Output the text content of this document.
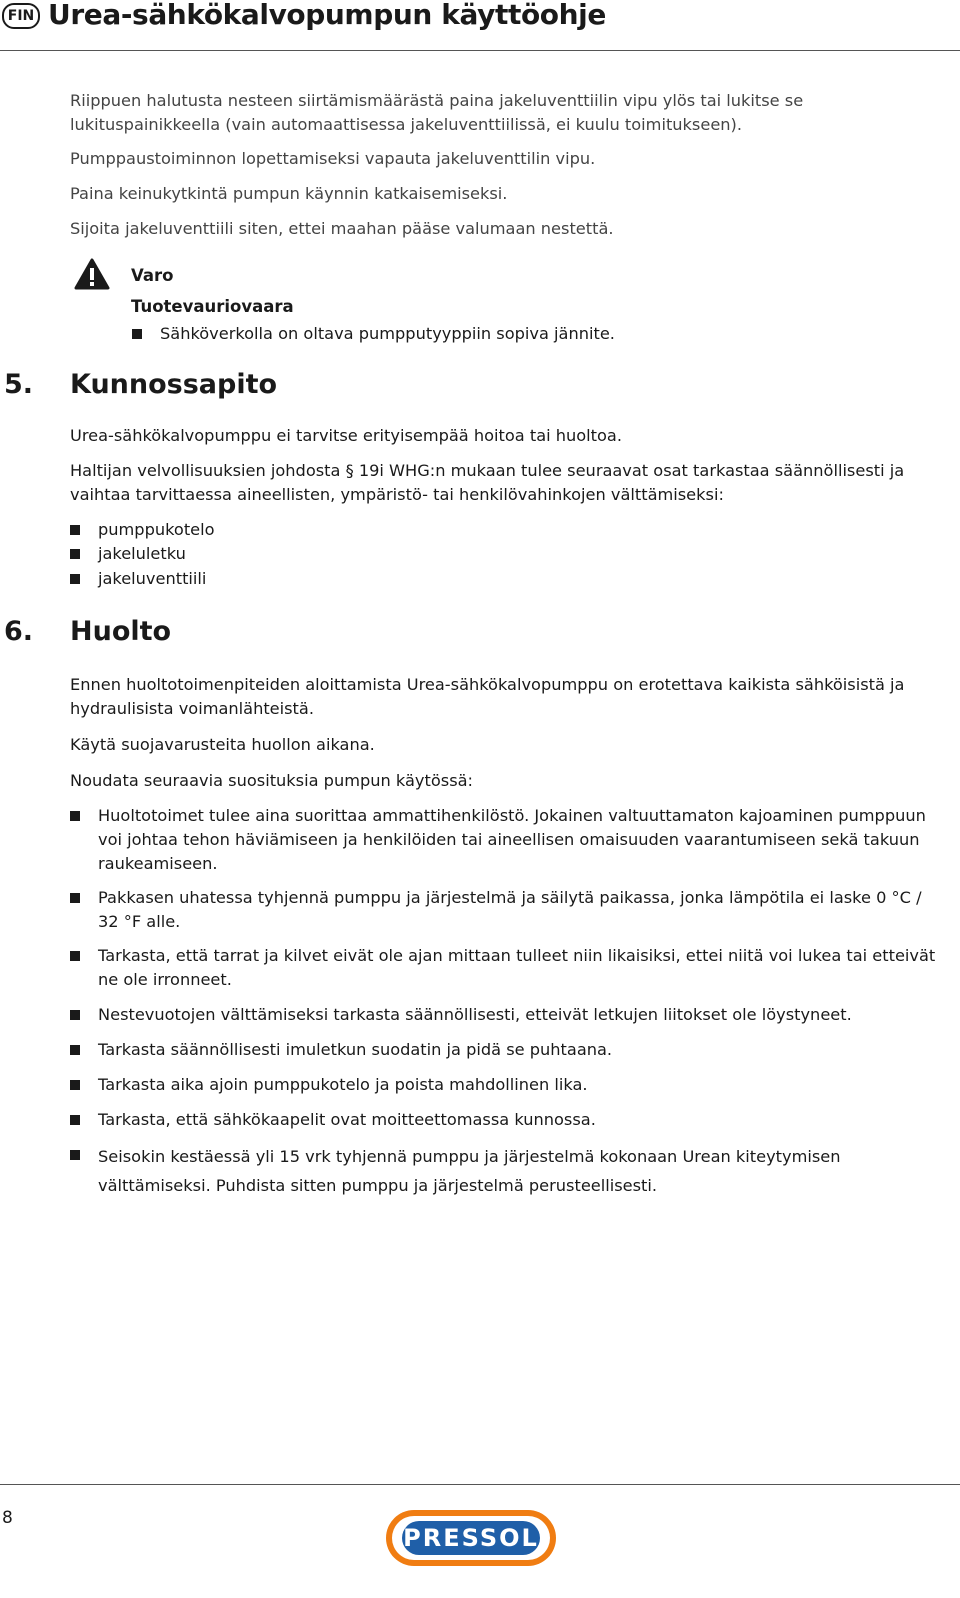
FIN Urea-sähkökalvopumpun käyttöohje

Riippuen halutusta nesteen siirtämismäärästä paina jakeluventtiilin vipu ylös tai lukitse se lukituspainikkeella (vain automaattisessa jakeluventtiilissä, ei kuulu toimitukseen).

Pumppaustoiminnon lopettamiseksi vapauta jakeluventtilin vipu.

Paina keinukytkintä pumpun käynnin katkaisemiseksi.

Sijoita jakeluventtiili siten, ettei maahan pääse valumaan nestettä.

Varo
Tuotevauriovaara

Sähköverkolla on oltava pumpputyyppiin sopiva jännite.

5. Kunnossapito

Urea-sähkökalvopumppu ei tarvitse erityisempää hoitoa tai huoltoa.

Haltijan velvollisuuksien johdosta § 19i WHG:n mukaan tulee seuraavat osat tarkastaa säännöllisesti ja vaihtaa tarvittaessa aineellisten, ympäristö- tai henkilövahinkojen välttämiseksi:

pumppukotelo

jakeluletku

jakeluventtiili

6. Huolto

Ennen huoltotoimenpiteiden aloittamista Urea-sähkökalvopumppu on erotettava kaikista sähköisistä ja hydraulisista voimanlähteistä.

Käytä suojavarusteita huollon aikana.

Noudata seuraavia suosituksia pumpun käytössä:

Huoltotoimet tulee aina suorittaa ammattihenkilöstö. Jokainen valtuuttamaton kajoaminen pumppuun voi johtaa tehon häviämiseen ja henkilöiden tai aineellisen omaisuuden vaarantumiseen sekä takuun raukeamiseen.

Pakkasen uhatessa tyhjennä pumppu ja järjestelmä ja säilytä paikassa, jonka lämpötila ei laske 0 °C / 32 °F alle.

Tarkasta, että tarrat ja kilvet eivät ole ajan mittaan tulleet niin likaisiksi, ettei niitä voi lukea tai etteivät ne ole irronneet.

Nestevuotojen välttämiseksi tarkasta säännöllisesti, etteivät letkujen liitokset ole löystyneet.

Tarkasta säännöllisesti imuletkun suodatin ja pidä se puhtaana.

Tarkasta aika ajoin pumppukotelo ja poista mahdollinen lika.

Tarkasta, että sähkökaapelit ovat moitteettomassa kunnossa.

Seisokin kestäessä yli 15 vrk tyhjennä pumppu ja järjestelmä kokonaan Urean kiteytymisen välttämiseksi. Puhdista sitten pumppu ja järjestelmä perusteellisesti.

8
PRESSOL
